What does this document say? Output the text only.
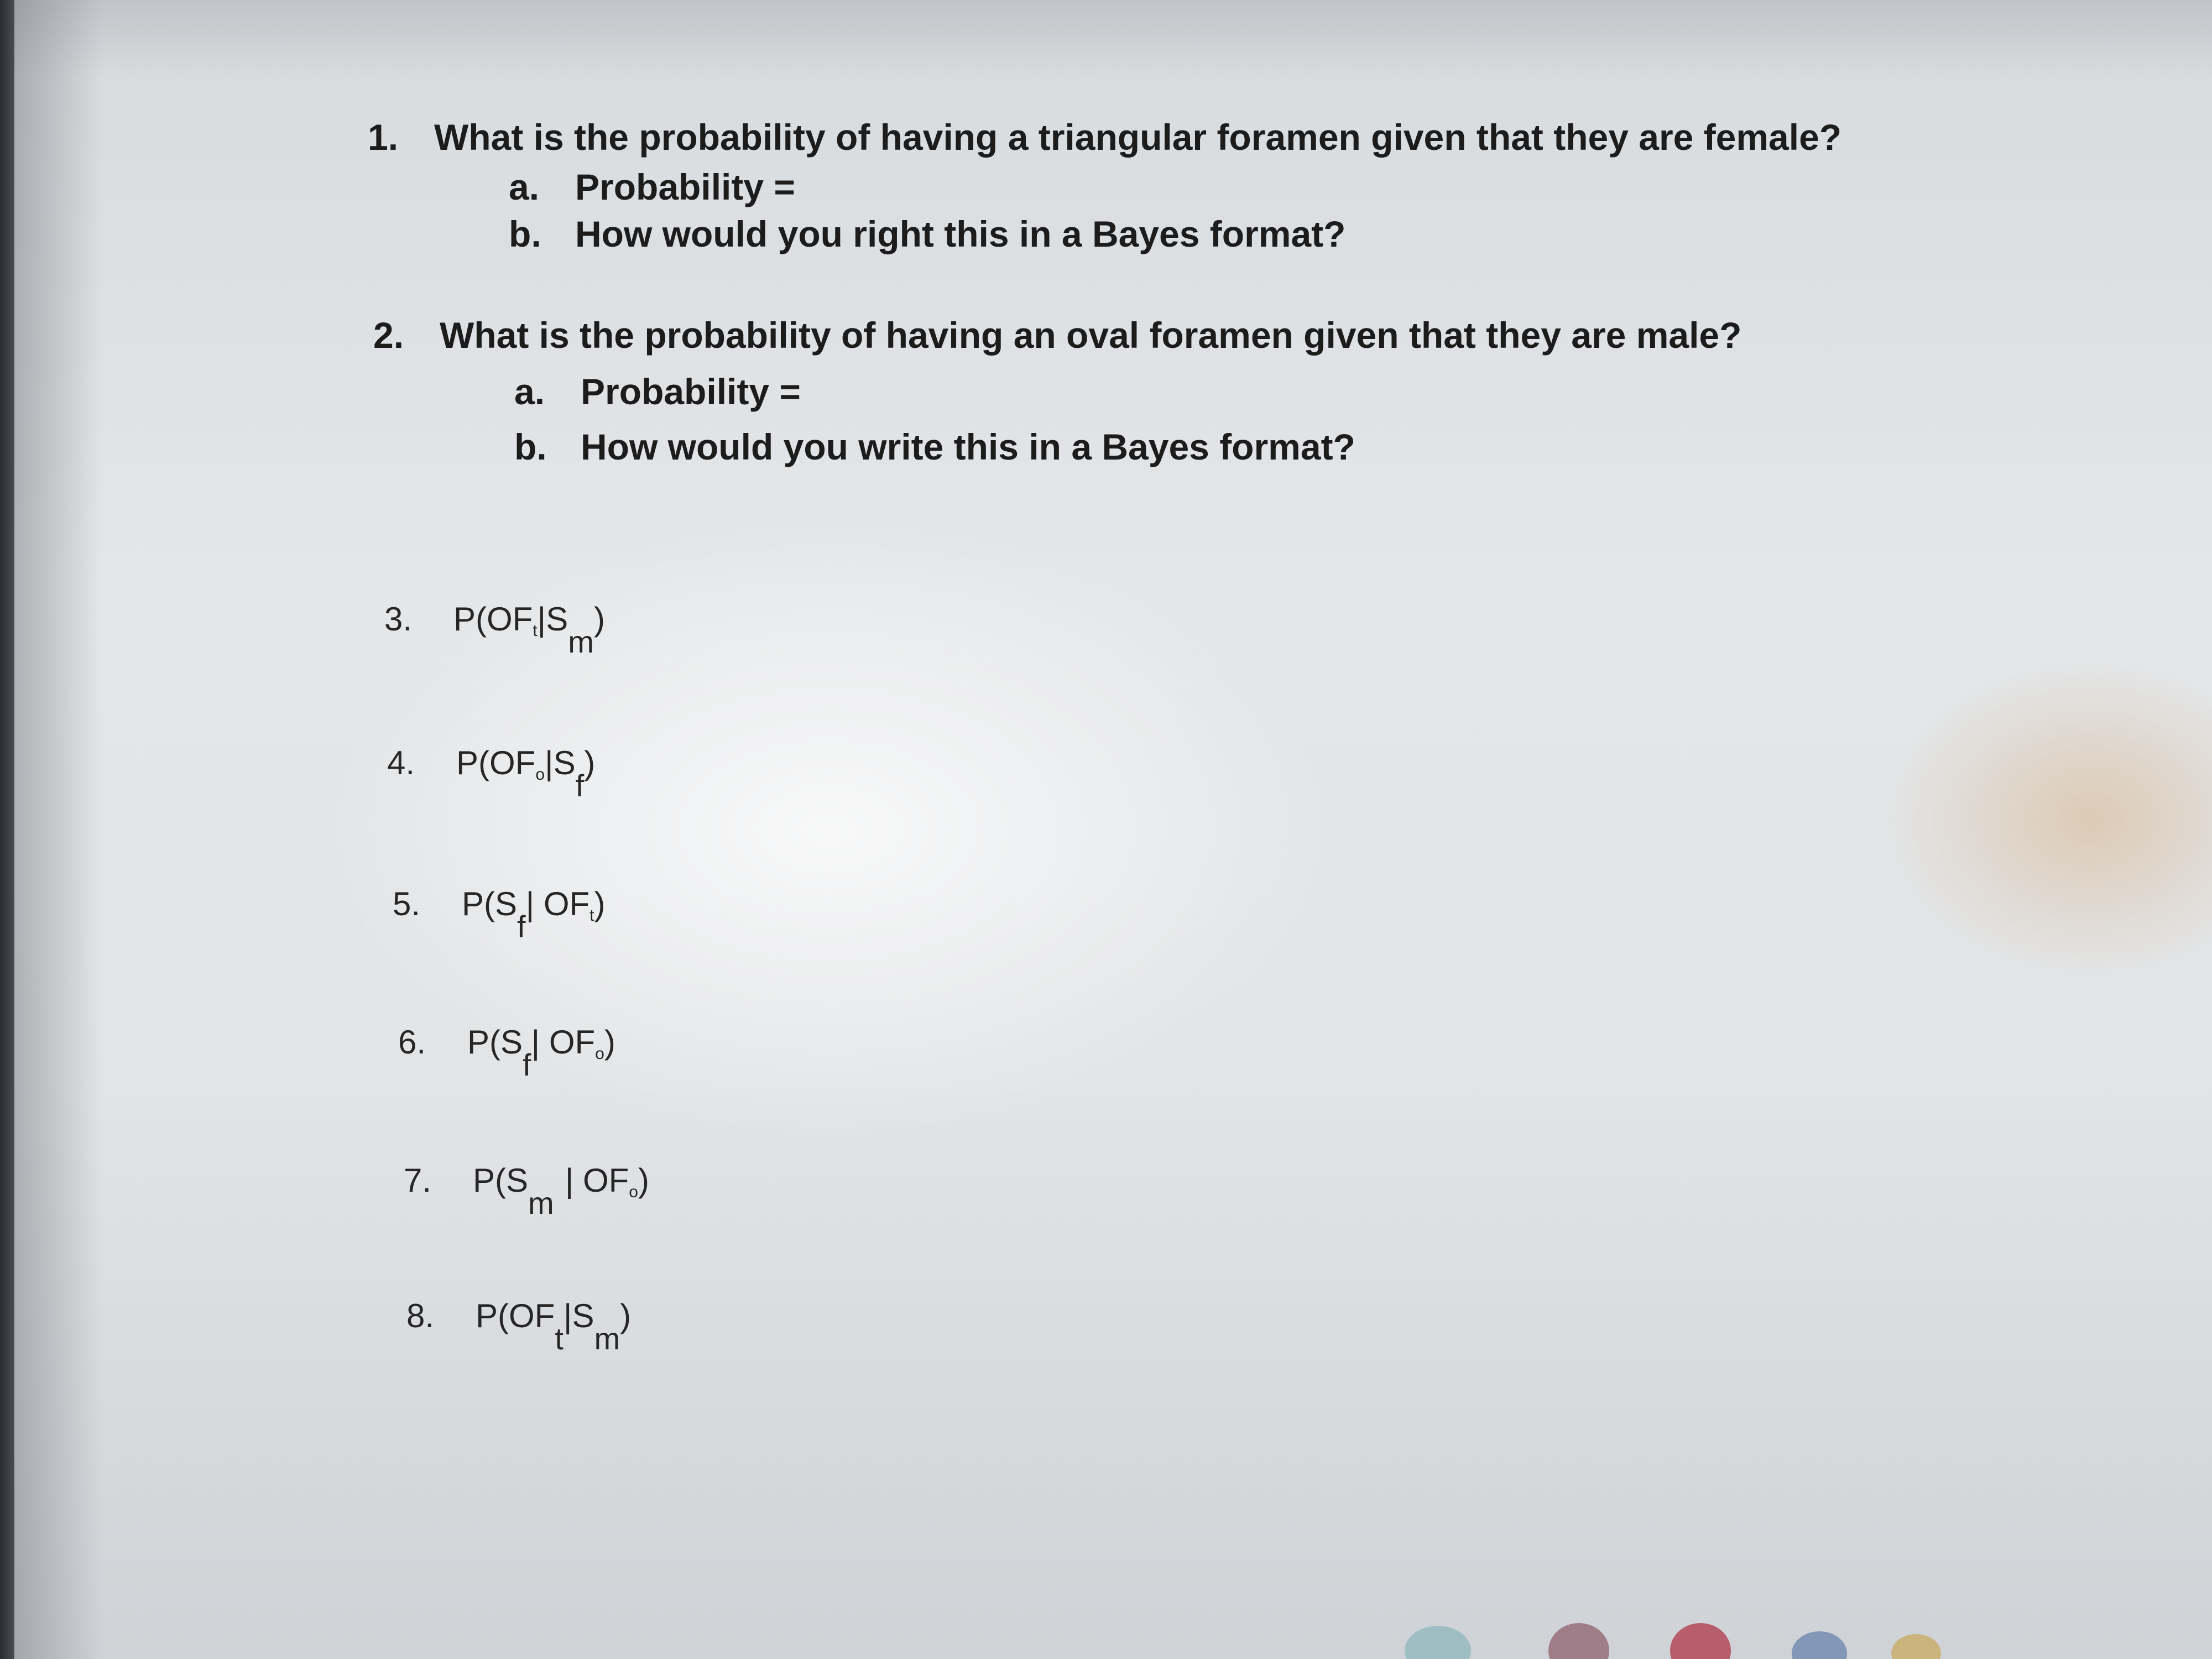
1. What is the probability of having a triangular foramen given that they are female?
a. Probability =
b. How would you right this in a Bayes format?
2. What is the probability of having an oval foramen given that they are male?
a. Probability =
b. How would you write this in a Bayes format?
3. P(OFt|Sm)
4. P(OFo|Sf)
5. P(Sf| OFt)
6. P(Sf| OFo)
7. P(Sm| OFo)
8. P(OFt|Sm)
